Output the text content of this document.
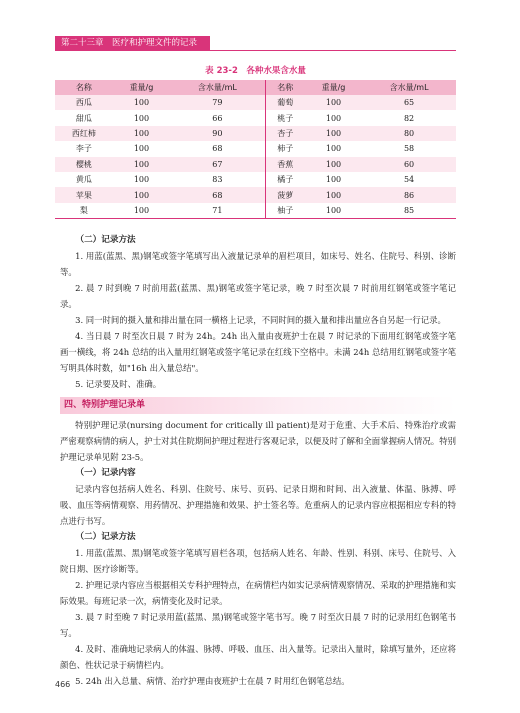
第二十三章　医疗和护理文件的记录
表 23-2　各种水果含水量
名称	重量/g	含水量/mL	名称	重量/g	含水量/mL
西瓜	100	79	葡萄	100	65
甜瓜	100	66	桃子	100	82
西红柿	100	90	杏子	100	80
李子	100	68	柿子	100	58
樱桃	100	67	香蕉	100	60
黄瓜	100	83	橘子	100	54
苹果	100	68	菠萝	100	86
梨	100	71	柚子	100	85
（二）记录方法

1. 用蓝(蓝黑、黑)钢笔或签字笔填写出入液量记录单的眉栏项目，如床号、姓名、住院号、科别、诊断等。

2. 晨 7 时到晚 7 时前用蓝(蓝黑、黑)钢笔或签字笔记录，晚 7 时至次晨 7 时前用红钢笔或签字笔记录。

3. 同一时间的摄入量和排出量在同一横格上记录，不同时间的摄入量和排出量应各自另起一行记录。

4. 当日晨 7 时至次日晨 7 时为 24h。24h 出入量由夜班护士在晨 7 时记录的下面用红钢笔或签字笔画一横线，将 24h 总结的出入量用红钢笔或签字笔记录在红线下空格中。未满 24h 总结用红钢笔或签字笔写明具体时数，如"16h 出入量总结"。

5. 记录要及时、准确。

四、特别护理记录单

特别护理记录(nursing document for critically ill patient)是对于危重、大手术后、特殊治疗或需严密观察病情的病人，护士对其住院期间护理过程进行客观记录，以便及时了解和全面掌握病人情况。特别护理记录单见附 23-5。

（一）记录内容

记录内容包括病人姓名、科别、住院号、床号、页码、记录日期和时间、出入液量、体温、脉搏、呼吸、血压等病情观察、用药情况、护理措施和效果、护士签名等。危重病人的记录内容应根据相应专科的特点进行书写。

（二）记录方法

1. 用蓝(蓝黑、黑)钢笔或签字笔填写眉栏各项，包括病人姓名、年龄、性别、科别、床号、住院号、入院日期、医疗诊断等。

2. 护理记录内容应当根据相关专科护理特点，在病情栏内如实记录病情观察情况、采取的护理措施和实际效果。每班记录一次，病情变化及时记录。

3. 晨 7 时至晚 7 时记录用蓝(蓝黑、黑)钢笔或签字笔书写。晚 7 时至次日晨 7 时的记录用红色钢笔书写。

4. 及时、准确地记录病人的体温、脉搏、呼吸、血压、出入量等。记录出入量时，除填写量外，还应将颜色、性状记录于病情栏内。

5. 24h 出入总量、病情、治疗护理由夜班护士在晨 7 时用红色钢笔总结。

466
